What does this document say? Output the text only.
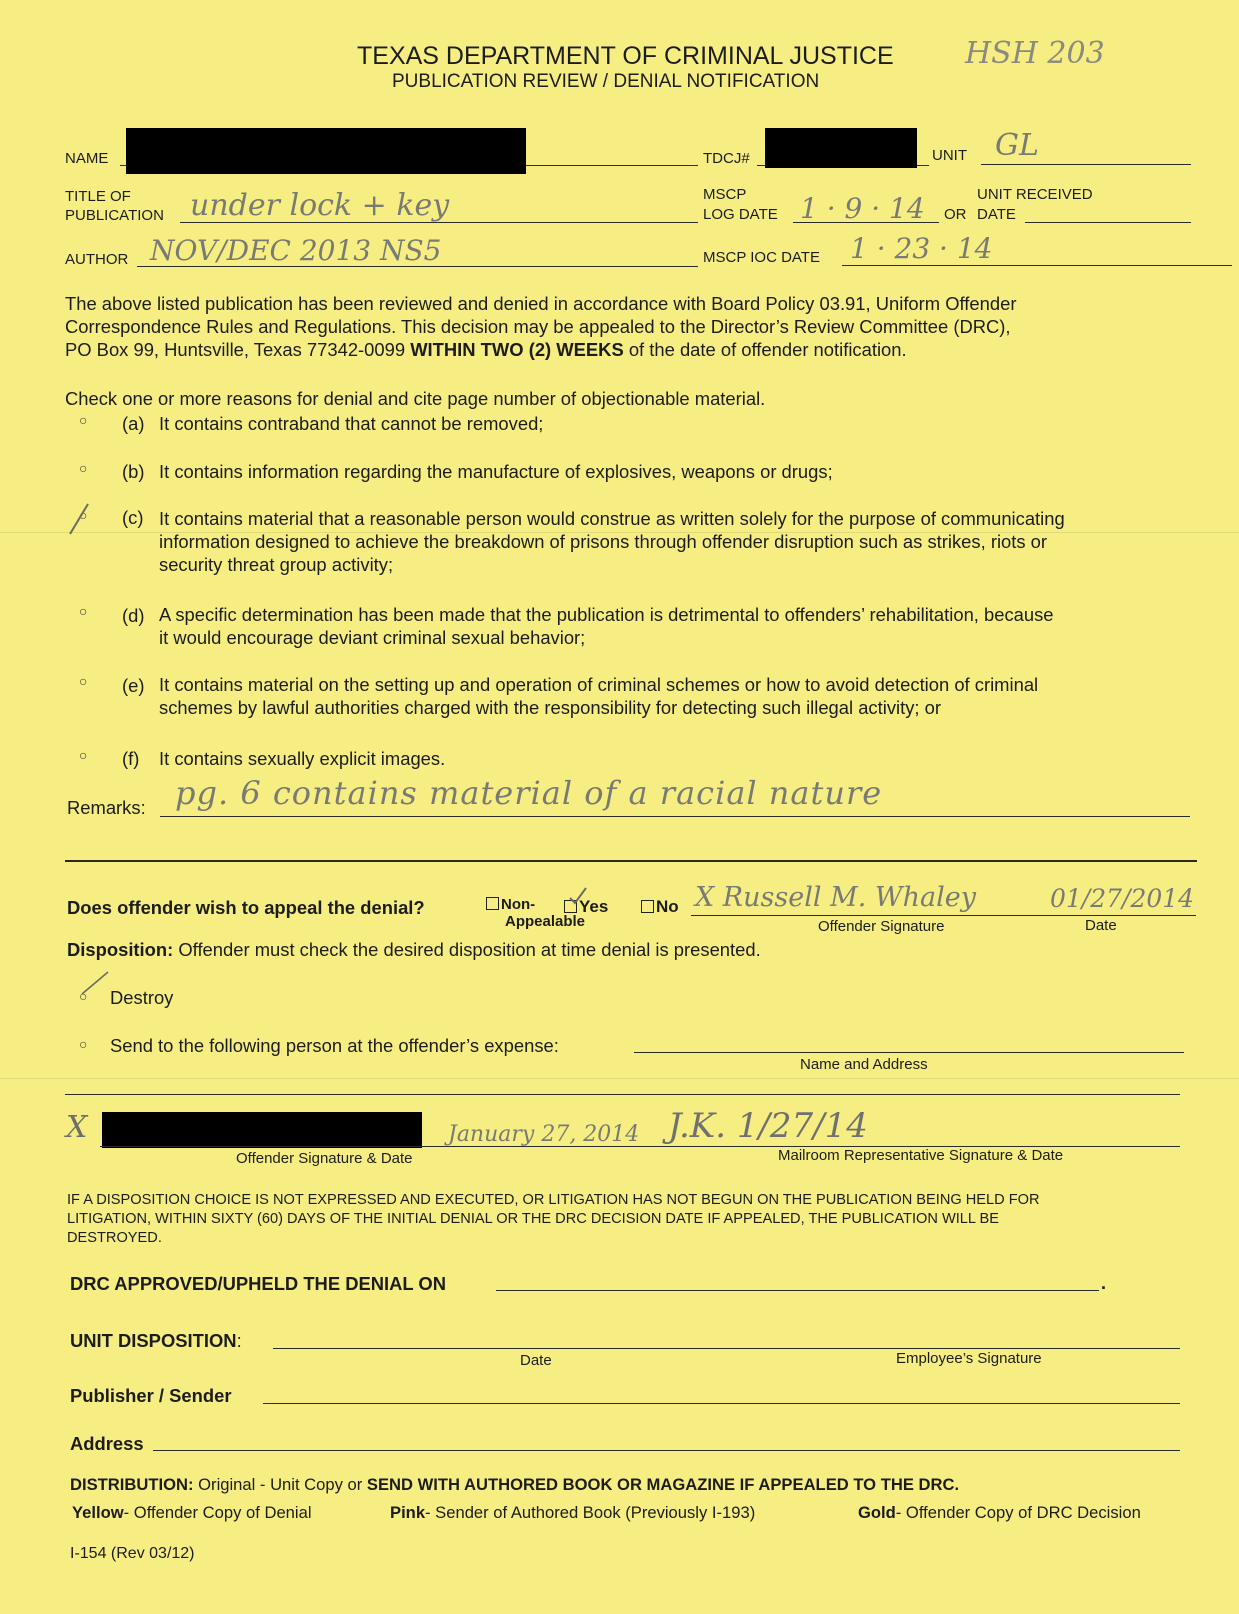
TEXAS DEPARTMENT OF CRIMINAL JUSTICE
PUBLICATION REVIEW / DENIAL NOTIFICATION
HSH 203
NAME	TDCJ#	UNIT GL
TITLE OF
PUBLICATION under lock + key	MSCP
LOG DATE 1 · 9 · 14 OR
UNIT RECEIVED
DATE
AUTHOR NOV/DEC 2013 NS5	MSCP IOC DATE 1 · 23 · 14
The above listed publication has been reviewed and denied in accordance with Board Policy 03.91, Uniform Offender
Correspondence Rules and Regulations. This decision may be appealed to the Director’s Review Committee (DRC),
PO Box 99, Huntsville, Texas 77342-0099 WITHIN TWO (2) WEEKS of the date of offender notification.
Check one or more reasons for denial and cite page number of objectionable material.
○ (a) It contains contraband that cannot be removed;
○ (b) It contains information regarding the manufacture of explosives, weapons or drugs;
○ (c) It contains material that a reasonable person would construe as written solely for the purpose of communicating
information designed to achieve the breakdown of prisons through offender disruption such as strikes, riots or
security threat group activity;
○ (d) A specific determination has been made that the publication is detrimental to offenders’ rehabilitation, because
it would encourage deviant criminal sexual behavior;
○ (e) It contains material on the setting up and operation of criminal schemes or how to avoid detection of criminal
schemes by lawful authorities charged with the responsibility for detecting such illegal activity; or
○ (f) It contains sexually explicit images.
Remarks: pg. 6 contains material of a racial nature
Does offender wish to appeal the denial?	Non-
Appealable
Yes	No X Russell M. Whaley	01/27/2014
Offender Signature	Date
Disposition: Offender must check the desired disposition at time denial is presented.
○ Destroy
○ Send to the following person at the offender’s expense:
Name and Address
X	January 27, 2014 J.K. 1/27/14
Offender Signature & Date	Mailroom Representative Signature & Date
IF A DISPOSITION CHOICE IS NOT EXPRESSED AND EXECUTED, OR LITIGATION HAS NOT BEGUN ON THE PUBLICATION BEING HELD FOR
LITIGATION, WITHIN SIXTY (60) DAYS OF THE INITIAL DENIAL OR THE DRC DECISION DATE IF APPEALED, THE PUBLICATION WILL BE
DESTROYED.
DRC APPROVED/UPHELD THE DENIAL ON	.
UNIT DISPOSITION:
Date	Employee’s Signature
Publisher / Sender
Address
DISTRIBUTION: Original - Unit Copy or SEND WITH AUTHORED BOOK OR MAGAZINE IF APPEALED TO THE DRC.
Yellow- Offender Copy of Denial	Pink- Sender of Authored Book (Previously I-193)	Gold- Offender Copy of DRC Decision
I-154 (Rev 03/12)
